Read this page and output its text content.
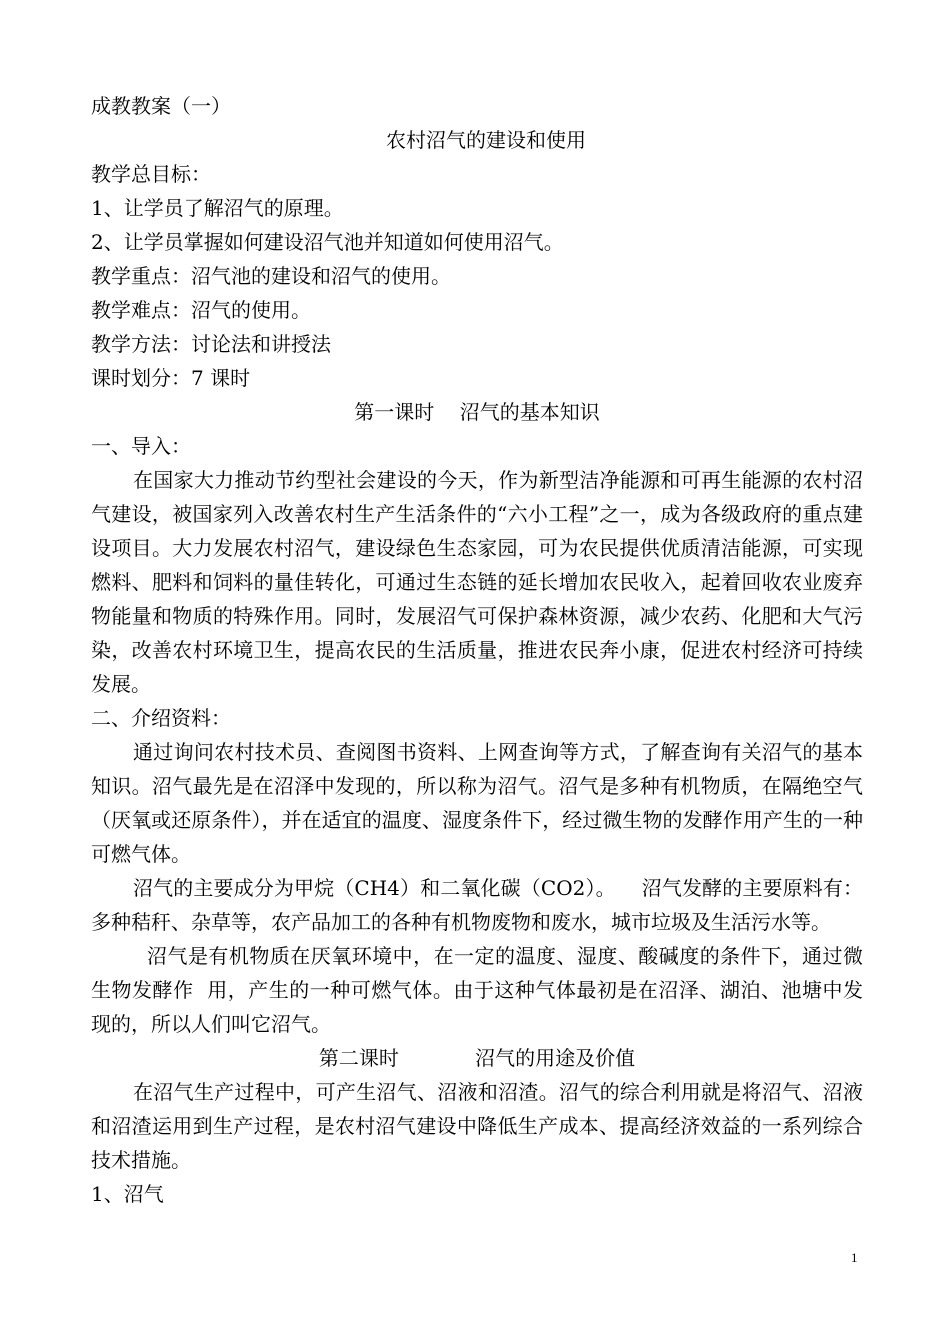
成教教案（一）

农村沼气的建设和使用

教学总目标：

1、让学员了解沼气的原理。

2、让学员掌握如何建设沼气池并知道如何使用沼气。

教学重点：沼气池的建设和沼气的使用。

教学难点：沼气的使用。

教学方法：讨论法和讲授法

课时划分：7 课时

第一课时    沼气的基本知识

一、导入：

在国家大力推动节约型社会建设的今天，作为新型洁净能源和可再生能源的农村沼气建设，被国家列入改善农村生产生活条件的“六小工程”之一，成为各级政府的重点建设项目。大力发展农村沼气，建设绿色生态家园，可为农民提供优质清洁能源，可实现燃料、肥料和饲料的量佳转化，可通过生态链的延长增加农民收入，起着回收农业废弃物能量和物质的特殊作用。同时，发展沼气可保护森林资源，减少农药、化肥和大气污染，改善农村环境卫生，提高农民的生活质量，推进农民奔小康，促进农村经济可持续发展。

二、介绍资料：

通过询问农村技术员、查阅图书资料、上网查询等方式，了解查询有关沼气的基本知识。沼气最先是在沼泽中发现的，所以称为沼气。沼气是多种有机物质，在隔绝空气（厌氧或还原条件），并在适宜的温度、湿度条件下，经过微生物的发酵作用产生的一种可燃气体。

沼气的主要成分为甲烷（CH4）和二氧化碳（CO2）。    沼气发酵的主要原料有：多种秸秆、杂草等，农产品加工的各种有机物废物和废水，城市垃圾及生活污水等。

沼气是有机物质在厌氧环境中，在一定的温度、湿度、酸碱度的条件下，通过微生物发酵作  用，产生的一种可燃气体。由于这种气体最初是在沼泽、湖泊、池塘中发现的，所以人们叫它沼气。

第二课时            沼气的用途及价值

在沼气生产过程中，可产生沼气、沼液和沼渣。沼气的综合利用就是将沼气、沼液和沼渣运用到生产过程，是农村沼气建设中降低生产成本、提高经济效益的一系列综合技术措施。

1、沼气

1
